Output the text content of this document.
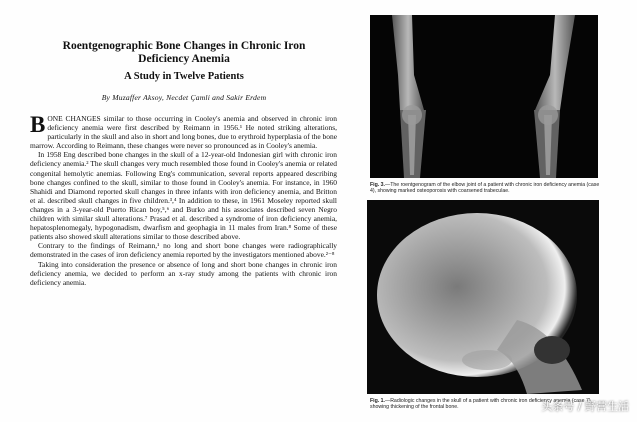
Roentgenographic Bone Changes in Chronic Iron
Deficiency Anemia
A Study in Twelve Patients
By Muzaffer Aksoy, Necdet Çamli and Sakir Erdem

BONE CHANGES similar to those occurring in Cooley's anemia and observed in chronic iron deficiency anemia were first described by Reimann in 1956.¹ He noted striking alterations, particularly in the skull and also in short and long bones, due to erythroid hyperplasia of the bone marrow. According to Reimann, these changes were never so pronounced as in Cooley's anemia.

In 1958 Eng described bone changes in the skull of a 12-year-old Indonesian girl with chronic iron deficiency anemia.² The skull changes very much resembled those found in Cooley's anemia or related congenital hemolytic anemias. Following Eng's communication, several reports appeared describing bone changes confined to the skull, similar to those found in Cooley's anemia. For instance, in 1960 Shahidi and Diamond reported skull changes in three infants with iron deficiency anemia, and Britton et al. described skull changes in five children.³,⁴ In addition to these, in 1961 Moseley reported skull changes in a 3-year-old Puerto Rican boy,⁵,⁶ and Burko and his associates described seven Negro children with similar skull alterations.⁷ Prasad et al. described a syndrome of iron deficiency anemia, hepatosplenomegaly, hypogonadism, dwarfism and geophagia in 11 males from Iran.⁸ Some of these patients also showed skull alterations similar to those described above.

Contrary to the findings of Reimann,¹ no long and short bone changes were radiographically demonstrated in the cases of iron deficiency anemia reported by the investigators mentioned above.²⁻⁸

Taking into consideration the presence or absence of long and short bone changes in chronic iron deficiency anemia, we decided to perform an x-ray study among the patients with chronic iron deficiency anemia.

Fig. 3.—The roentgenogram of the elbow joint of a patient with chronic iron deficiency anemia (case 4), showing marked osteoporosis with coarsened trabeculae.
Fig. 1.—Radiologic changes in the skull of a patient with chronic iron deficiency anemia (case 7), showing thickening of the frontal bone.	头条号 / 野营生活
